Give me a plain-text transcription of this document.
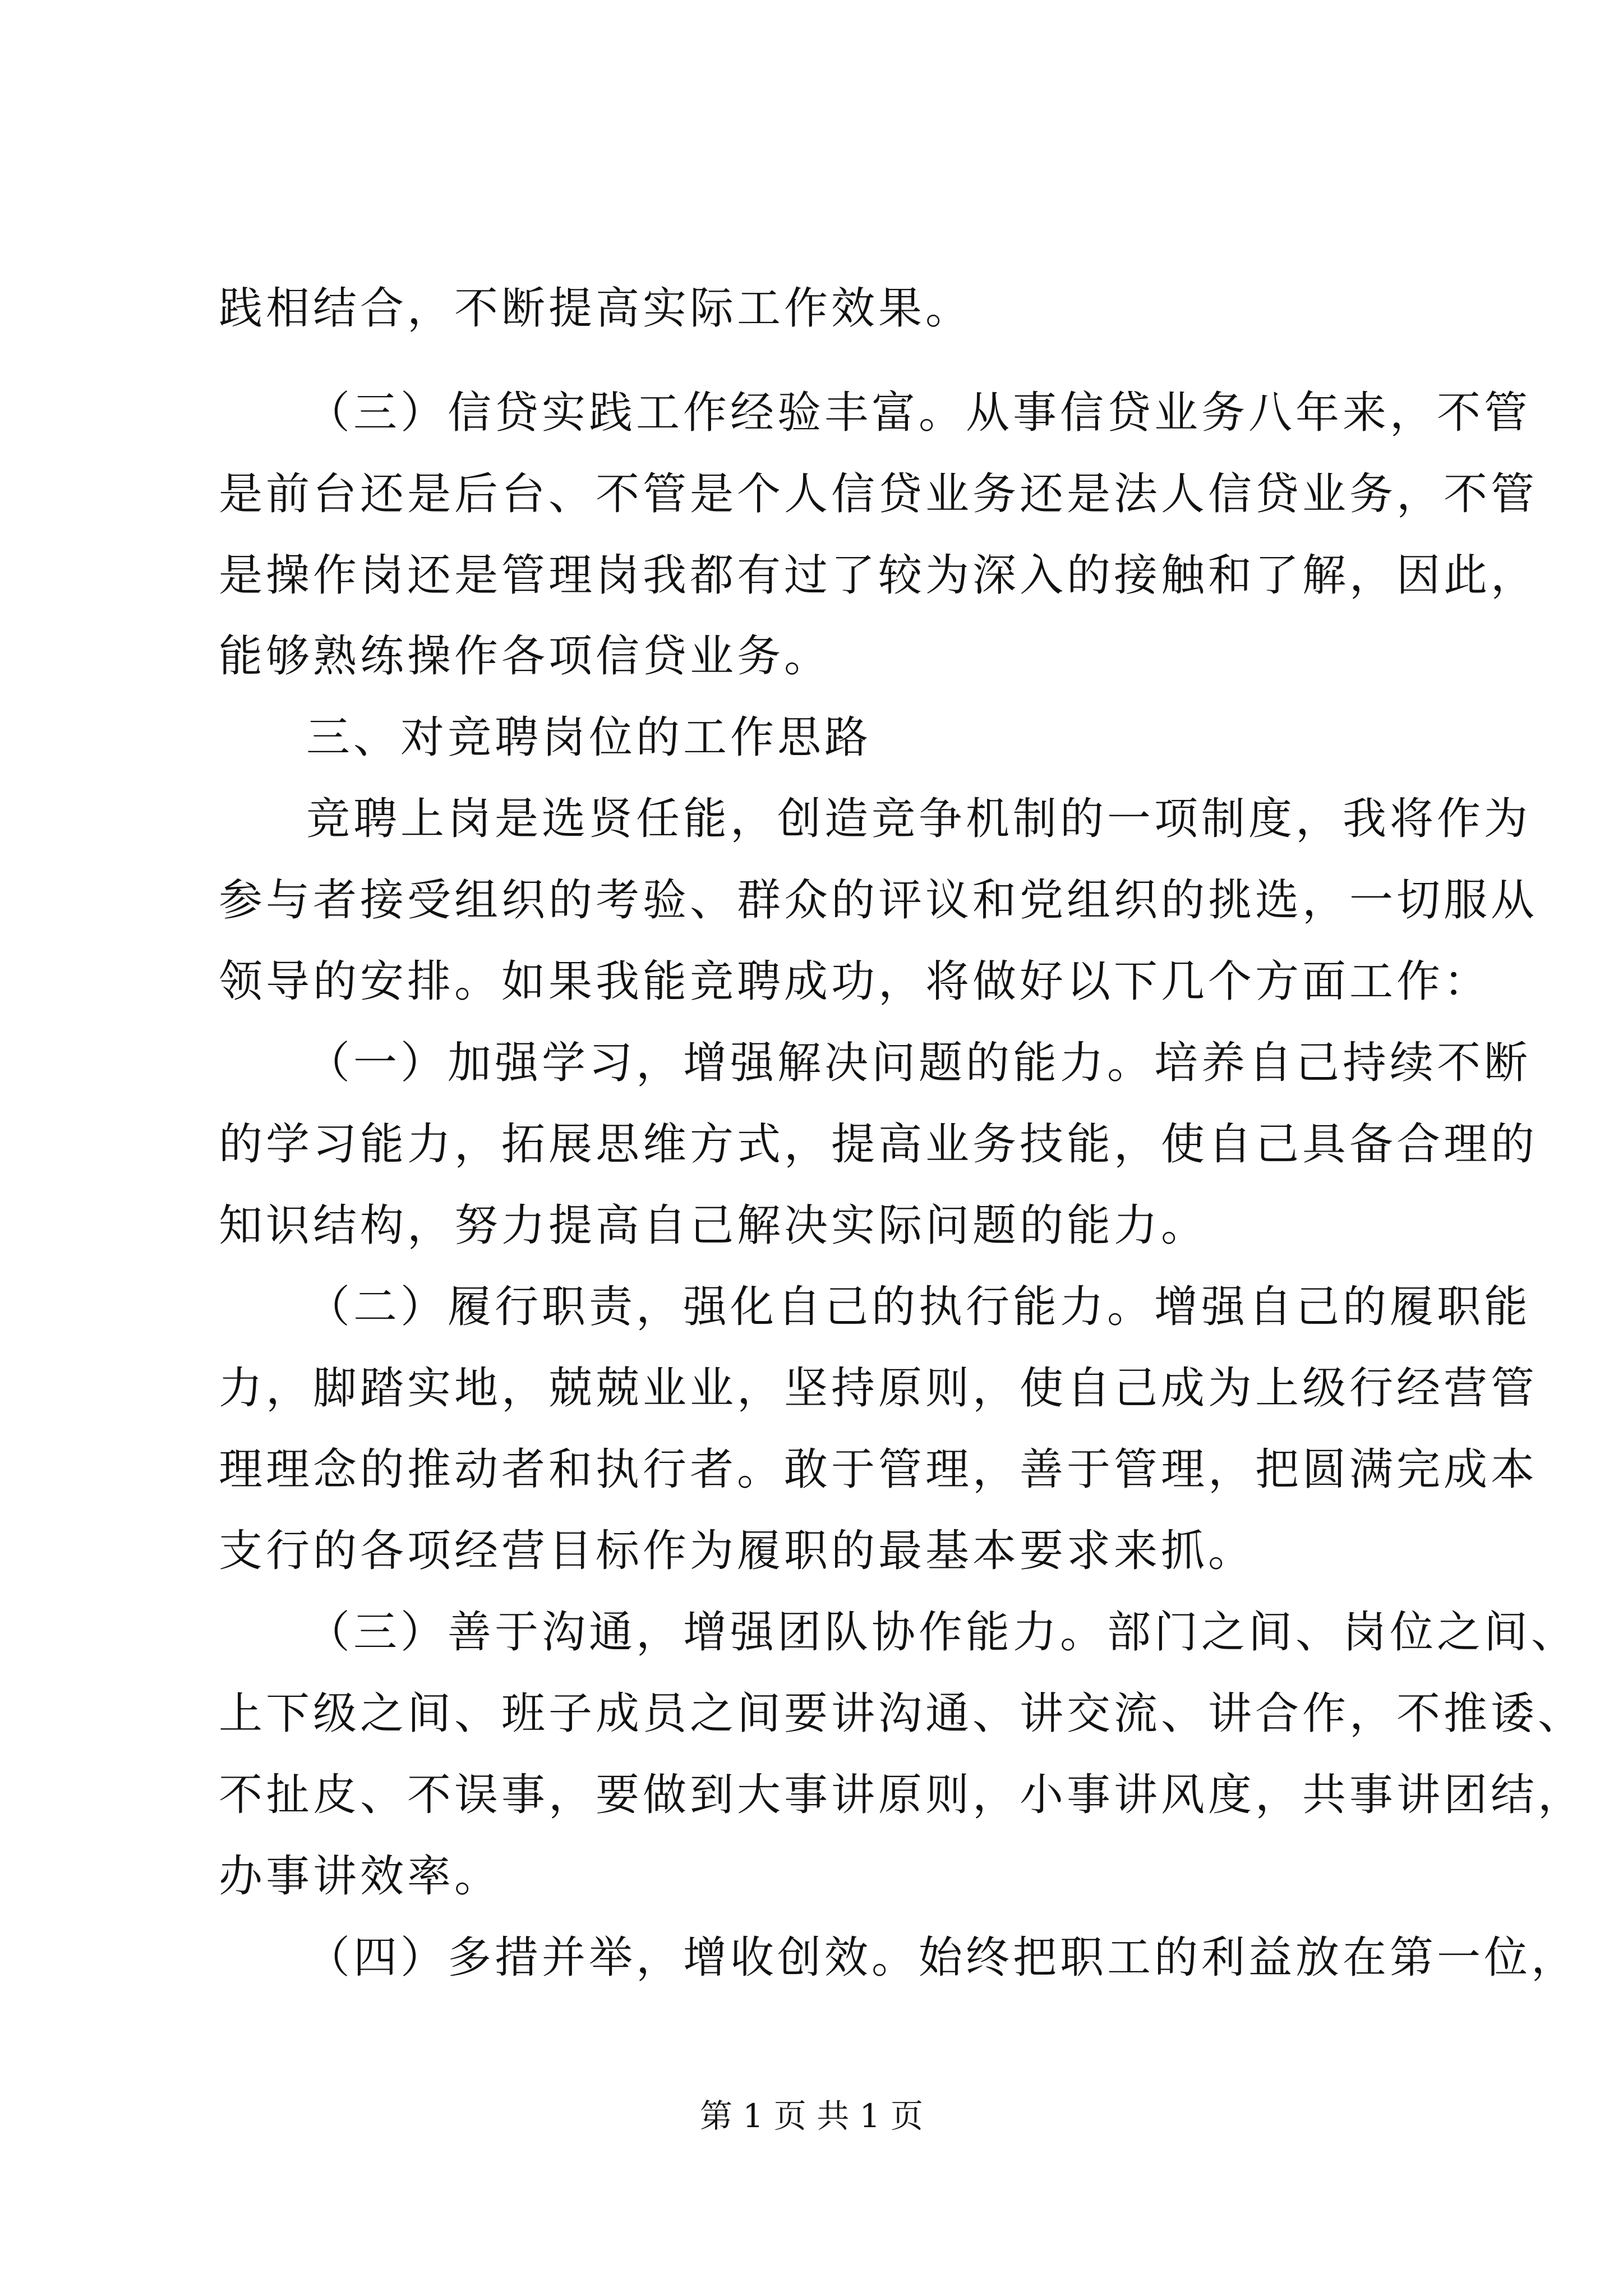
践相结合，不断提高实际工作效果。

（三）信贷实践工作经验丰富。从事信贷业务八年来，不管

是前台还是后台、不管是个人信贷业务还是法人信贷业务，不管

是操作岗还是管理岗我都有过了较为深入的接触和了解，因此，

能够熟练操作各项信贷业务。

三、对竞聘岗位的工作思路

竞聘上岗是选贤任能，创造竞争机制的一项制度，我将作为

参与者接受组织的考验、群众的评议和党组织的挑选，一切服从

领导的安排。如果我能竞聘成功，将做好以下几个方面工作：

（一）加强学习，增强解决问题的能力。培养自己持续不断

的学习能力，拓展思维方式，提高业务技能，使自己具备合理的

知识结构，努力提高自己解决实际问题的能力。

（二）履行职责，强化自己的执行能力。增强自己的履职能

力，脚踏实地，兢兢业业，坚持原则，使自己成为上级行经营管

理理念的推动者和执行者。敢于管理，善于管理，把圆满完成本

支行的各项经营目标作为履职的最基本要求来抓。

（三）善于沟通，增强团队协作能力。部门之间、岗位之间、

上下级之间、班子成员之间要讲沟通、讲交流、讲合作，不推诿、

不扯皮、不误事，要做到大事讲原则，小事讲风度，共事讲团结，

办事讲效率。

（四）多措并举，增收创效。始终把职工的利益放在第一位，

第 1 页 共 1 页
